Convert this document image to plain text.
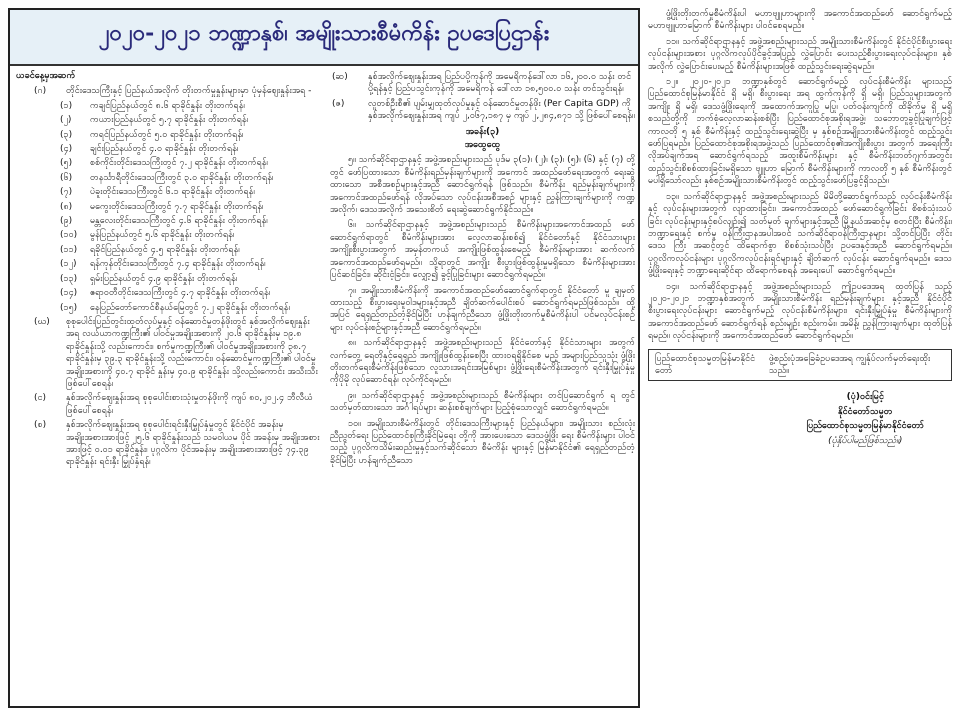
၂၀၂၀-၂၀၂၁ ဘဏ္ဍာနှစ်၊ အမျိုးသားစီမံကိန်း ဥပဒေပြဌာန်း
ယခင်နေ့မှအဆက်
(ဂ)	တိုင်းဒေသကြီးနှင့် ပြည်နယ်အလိုက် တိုးတက်မှုနှုန်းများမှာ ပုံမှန်ဈေးနှုန်းအရ -
(၁)	ကချင်ပြည်နယ်တွင် ၈.၆ ရာခိုင်နှုန်း တိုးတက်ရန်၊
(၂)	ကယားပြည်နယ်တွင် ၅.၇ ရာခိုင်နှုန်း တိုးတက်ရန်၊
(၃)	ကရင်ပြည်နယ်တွင် ၅.၀ ရာခိုင်နှုန်း တိုးတက်ရန်၊
(၄)	ချင်းပြည်နယ်တွင် ၄.၀ ရာခိုင်နှုန်း တိုးတက်ရန်၊
(၅)	စစ်ကိုင်းတိုင်းဒေသကြီးတွင် ၇.၂ ရာခိုင်နှုန်း တိုးတက်ရန်၊
(၆)	တနင်္သာရီတိုင်းဒေသကြီးတွင် ၃.၀ ရာခိုင်နှုန်း တိုးတက်ရန်၊
(၇)	ပဲခူးတိုင်းဒေသကြီးတွင် ၆.၁ ရာခိုင်နှုန်း တိုးတက်ရန်၊
(၈)	မကွေးတိုင်းဒေသကြီးတွင် ၇.၇ ရာခိုင်နှုန်း တိုးတက်ရန်၊
(၉)	မန္တလေးတိုင်းဒေသကြီးတွင် ၄.၆ ရာခိုင်နှုန်း တိုးတက်ရန်၊
(၁၀)	မွန်ပြည်နယ်တွင် ၅.၆ ရာခိုင်နှုန်း တိုးတက်ရန်၊
(၁၁)	ရခိုင်ပြည်နယ်တွင် ၄.၅ ရာခိုင်နှုန်း တိုးတက်ရန်၊
(၁၂)	ရန်ကုန်တိုင်းဒေသကြီးတွင် ၇.၄ ရာခိုင်နှုန်း တိုးတက်ရန်၊
(၁၃)	ရှမ်းပြည်နယ်တွင် ၄.၉ ရာခိုင်နှုန်း တိုးတက်ရန်၊
(၁၄)	ဧရာဝတီတိုင်းဒေသကြီးတွင် ၄.၇ ရာခိုင်နှုန်း တိုးတက်ရန်၊
(၁၅)	နေပြည်တော်ကောင်စီနယ်မြေတွင် ၇.၂ ရာခိုင်နှုန်း တိုးတက်ရန်၊
(ဃ)	စုစုပေါင်းပြည်တွင်းထုတ်လုပ်မှုနှင့် ဝန်ဆောင်မှုတန်ဖိုးတွင် နှစ်အလိုက်ဈေးနှုန်းအရ လယ်ယာကဏ္ဍကြီး၏ ပါဝင်မှုအချိုးအစားကို ၂၀.၆ ရာခိုင်နှုန်းမှ ၁၉.၈ ရာခိုင်နှုန်းသို့ လည်းကောင်း၊ စက်မှုကဏ္ဍကြီး၏ ပါဝင်မှုအချိုးအစားကို ၃၈.၇ ရာခိုင်နှုန်းမှ ၃၉.၃ ရာခိုင်နှုန်းသို့ လည်းကောင်း၊ ဝန်ဆောင်မှုကဏ္ဍကြီး၏ ပါဝင်မှုအချိုးအစားကို ၄၀.၇ ရာခိုင် နှုန်းမှ ၄၀.၉ ရာခိုင်နှုန်း သို့လည်းကောင်း အသီးသီးဖြစ်ပေါ်စေရန်၊
(င)	နှစ်အလိုက်ဈေးနှုန်းအရ စုစုပေါင်းစားသုံးမှုတန်ဖိုးကို ကျပ် ၈၀,၂၀၂.၄ ဘီလီယံ ဖြစ်ပေါ်စေရန်၊
(စ)	နှစ်အလိုက်ဈေးနှုန်းအရ စုစုပေါင်းရင်းနှီးမြှုပ်နှံမှုတွင် နိုင်ငံပိုင် အခန်းမှ အချိုးအစားအားဖြင့် ၂၅.၆ ရာခိုင်နှုန်းသည် သမဝါယမ ပိုင် အခန်းမှ အချိုးအစားအားဖြင့် ၀.၀၁ ရာခိုင်နှုန်း၊ ပုဂ္ဂလိက ပိုင်အခန်းမှ အချိုးအစားအားဖြင့် ၇၄.၃၉ ရာခိုင်နှုန်း ရင်းနှီး မြှုပ်နှံရန်၊
(ဆ)	နှစ်အလိုက်ဈေးနှုန်းအရ ပြည်ပပို့ကုန်ကို အမေရိကန်ဒေါ်လာ ၁၆,၂၀၀.၀ သန်း တင်ပို့ရန်နှင့် ပြည်ပသွင်းကုန်ကို အမေရိကန် ဒေါ်လာ ၁၈,၅၀၀.၀ သန်း တင်သွင်းရန်၊
(ဇ)	လူတစ်ဦးစီ၏ ပျမ်းမျှထုတ်လုပ်မှုနှင့် ဝန်ဆောင်မှုတန်ဖိုး (Per Capita GDP) ကို နှစ်အလိုက်ဈေးနှုန်းအရ ကျပ် ၂,၀၆၇,၁၈၇ မှ ကျပ် ၂,၂၈၄,၈၇၁ သို့ ဖြစ်ပေါ်စေရန်။
အခန်း(၃)
အထွေထွေ

၅။ သက်ဆိုင်ရာဌာနနှင့် အဖွဲ့အစည်းများသည် ပုဒ်မ ၃(၁)၊ (၂)၊ (၃)၊ (၅)၊ (၆) နှင့် (၇) တို့တွင် ဖော်ပြထားသော စီမံကိန်းရည်မှန်းချက်များကို အကောင် အထည်ဖော်ရေးအတွက် ရေးဆွဲထားသော အစီအစဉ်များနှင့်အညီ ဆောင်ရွက်ရန် ဖြစ်သည်။ စီမံကိန်း ရည်မှန်းချက်များကို အကောင်အထည်ဖော်ရန် လိုအပ်သော လုပ်ငန်းအစီအစဉ် များနှင့် ညွှန်ကြားချက်များကို ကဏ္ဍအလိုက်၊ ဒေသအလိုက် အသေးစိတ် ရေးဆွဲဆောင်ရွက်နိုင်သည်။

၆။ သက်ဆိုင်ရာဌာနနှင့် အဖွဲ့အစည်းများသည် စီမံကိန်းများအကောင်အထည် ဖော်ဆောင်ရွက်ရာတွင် စီမံကိန်းများအား လေ့လာဆန်းစစ်၍ နိုင်ငံတော်နှင့် နိုင်ငံသားများ အကျိုးစီးပွားအတွက် အမှန်တကယ် အကျိုးဖြစ်ထွန်းစေမည့် စီမံကိန်းများအား ဆက်လက်အကောင်အထည်ဖော်ရမည်။ သို့ရာတွင် အကျိုး စီးပွားဖြစ်ထွန်းမှုမရှိသော စီမံကိန်းများအား ပြင်ဆင်ခြင်း၊ ဆိုင်းငံ့ခြင်း၊ လျှော့၍ ခွင့်ပြုခြင်းများ ဆောင်ရွက်ရမည်။

၇။ အမျိုးသားစီမံကိန်းကို အကောင်အထည်ဖော်ဆောင်ရွက်ရာတွင် နိုင်ငံတော် မူ ချမှတ်ထားသည့် စီးပွားရေးမူဝါဒများနှင့်အညီ ချိတ်ဆက်ပေါင်းစပ် ဆောင်ရွက်ရမည်ဖြစ်သည်။ ထို့အပြင် ရေရှည်တည်တံ့ခိုင်မြဲပြီး ဟန်ချက်ညီသော ဖွံ့ဖြိုးတိုးတက်မှုစီမံကိန်းပါ ပင်မလုပ်ငန်းစဉ်များ လုပ်ငန်းစဉ်များနှင့်အညီ ဆောင်ရွက်ရမည်။

၈။ သက်ဆိုင်ရာဌာနနှင့် အဖွဲ့အစည်းများသည် နိုင်ငံတော်နှင့် နိုင်ငံသားများ အတွက် လက်တွေ့ ရေတိုနှင့်ရေရှည် အကျိုးဖြစ်ထွန်းစေပြီး ထားဝရရှိနိုင်စေ မည့် အများပြည်သူသုံး ဖွံ့ဖြိုးတိုးတက်ရေးစီမံကိန်းဖြစ်သော လူသားအရင်းအမြစ်များ ဖွံ့ဖြိုးရေးစီမံကိန်းအတွက် ရင်းနှီးမြှုပ်နှံမှုကိုပိုမို လုပ်ဆောင်ရန်၊ လုပ်ကိုင်ရမည်။

၉။ သက်ဆိုင်ရာဌာနနှင့် အဖွဲ့အစည်းများသည် စီမံကိန်းများ တင်ပြဆောင်ရွက် ရ တွင် သတ်မှတ်ထားသော အင်္ဂါရပ်များ ဆန်းစစ်ချက်များ ပြည့်စုံသောလျှင် ဆောင်ရွက်ရမည်။

၁၀။ အမျိုးသားစီမံကိန်းတွင် တိုင်းဒေသကြီးများနှင့် ပြည်နယ်များ၊ အမျိုးသား စည်းလုံးညီညွတ်ရေး ပြည်ထောင်စုကြီးခိုင်မြဲရေး တို့ကို အားပေးသော ဒေသဖွံ့ဖြိုး ရေး စီမံကိန်းများ ပါဝင်သည့် ပုဂ္ဂလိကသိမ်းဆည်းမှုနှင့်သက်ဆိုင်သော စီမံကိန်း များနှင့် မြန်မာနိုင်ငံ၏ ရေရှည်တည်တံ့ခိုင်မြဲပြီး ဟန်ချက်ညီသော

ဖွံ့ဖြိုးတိုးတက်မှုစီမံကိန်းပါ မဟာဗျူဟာများကို အကောင်အထည်ဖော် ဆောင်ရွက်မည့် မဟာဗျူဟာမြောက် စီမံကိန်းများ ပါဝင်စေရမည်။

၁၁။ သက်ဆိုင်ရာဌာနနှင့် အဖွဲ့အစည်းများသည် အမျိုးသားစီမံကိန်းတွင် နိုင်ငံပိုင်စီးပွားရေးလုပ်ငန်းများအစား ပုဂ္ဂလိကလုပ်ပိုင်ခွင့်အပြည့် လွှဲပြောင်း ပေးသည့်စီးပွားရေးလုပ်ငန်းများ၊ နှစ်အလိုက် လွှဲပြောင်းပေးမည့် စီမံကိန်းများအဖြစ် ထည့်သွင်းရေးဆွဲရမည်။

၁၂။ ၂၀၂၀-၂၀၂၁ ဘဏ္ဍာနှစ်တွင် ဆောင်ရွက်မည့် လုပ်ငန်းစီမံကိန်း များသည် ပြည်ထောင်စုမြန်မာနိုင်ငံ ရှိ မရှိ၊ စီးပွားရေး အရ ထွက်ကုန်ကို ရှိ မရှိ၊ ပြည်သူများအတွက် အကျိုး ရှိ မရှိ၊ ဒေသဖွံ့ဖြိုးရေးကို အထောက်အကူပြု မပြု၊ ပတ်ဝန်းကျင်ကို ထိခိုက်မှု ရှိ မရှိ စသည်တို့ကို ဘက်စုံလေ့လာဆန်းစစ်ပြီး ပြည်ထောင်စုအစိုးရအဖွဲ့၊ သဘောတူခွင့်ပြုချက်ဖြင့် ကာလတို ၅ နှစ် စီမံကိန်းနှင့် ထည့်သွင်းရေးဆွဲပြီး မှ နှစ်စဉ်အမျိုးသားစီမံကိန်းတွင် ထည့်သွင်း ဖော်ပြရမည်။ ပြည်ထောင်စုအစိုးရအဖွဲ့သည် ပြည်ထောင်စု၏အကျိုးစီးပွား အတွက် အရေးကြီးလိုအပ်ချက်အရ ဆောင်ရွက်ရသည့် အထူးစီမံကိန်းများ နှင့် စီမံကိန်းဘတ်ဂျက်အတွင်း ထည့်သွင်းစိစစ်ထားခြင်းမရှိသော ဗျူဟာ မြောက် စီမံကိန်းများကို ကာလတို ၅ နှစ် စီမံကိန်းတွင် မပါရှိသော်လည်း နှစ်စဉ်အမျိုးသားစီမံကိန်းတွင် ထည့်သွင်းဖော်ပြခွင့်ရှိသည်။

၁၃။ သက်ဆိုင်ရာဌာနနှင့် အဖွဲ့အစည်းများသည် မိမိတို့ဆောင်ရွက်သည့် လုပ်ငန်းစီမံကိန်းနှင့် လုပ်ငန်းများအတွက် လျာထားခြင်း၊ အကောင်အထည် ဖော်ဆောင်ရွက်ခြင်း စိစစ်သုံးသပ်ခြင်း လုပ်ငန်းများနှင့်စပ်လျဉ်း၍ သတ်မှတ် ချက်များနှင့်အညီ မြို့နယ်အဆင့်မှ စတင်ပြီး စီမံကိန်း၊ ဘဏ္ဍာရေးနှင့် စက်မှု ဝန်ကြီးဌာနအပါအဝင် သက်ဆိုင်ရာဝန်ကြီးဌာနများ သို့တင်ပြပြီး တိုင်းဒေသ ကြီး အဆင့်တွင် ထိရောက်စွာ စိစစ်သုံးသပ်ပြီး ဥပဒေနှင့်အညီ ဆောင်ရွက်ရမည်။ ပုဂ္ဂလိကလုပ်ငန်းများ ပုဂ္ဂလိကလုပ်ငန်းရှင်များနှင့် ချိတ်ဆက် လုပ်ငန်း ဆောင်ရွက်ရမည်။ ဒေသဖွံ့ဖြိုးရေးနှင့် ဘဏ္ဍာရေးဆိုင်ရာ ထိရောက်စေရန် အရေးပေါ် ဆောင်ရွက်ရမည်။

၁၄။ သက်ဆိုင်ရာဌာနနှင့် အဖွဲ့အစည်းများသည် ဤဥပဒေအရ ထုတ်ပြန် သည့် ၂၀၂၀-၂၀၂၁ ဘဏ္ဍာနှစ်အတွက် အမျိုးသားစီမံကိန်း ရည်မှန်းချက်များ နှင့်အညီ နိုင်ငံပိုင်စီးပွားရေးလုပ်ငန်းများ ဆောင်ရွက်မည့် လုပ်ငန်းစီမံကိန်းများ၊ ရင်းနှီးမြှုပ်နှံမှု စီမံကိန်းများကို အကောင်အထည်ဖော် ဆောင်ရွက်ရန် စည်းမျဉ်း စည်းကမ်း၊ အမိန့်၊ ညွှန်ကြားချက်များ ထုတ်ပြန်ရမည်။ လုပ်ငန်းများကို အကောင်အထည်ဖော် ဆောင်ရွက်ရမည်။

ပြည်ထောင်စုသမ္မတမြန်မာနိုင်ငံတော်
ဖွဲ့စည်းပုံအခြေခံဥပဒေအရ ကျွန်ုပ်လက်မှတ်ရေးထိုးသည်။
(ပုံ)ဝင်းမြင့်
နိုင်ငံတော်သမ္မတ
ပြည်ထောင်စုသမ္မတမြန်မာနိုင်ငံတော်
(ပုံနှိပ်ပါမည်ဖြစ်သည်။)
